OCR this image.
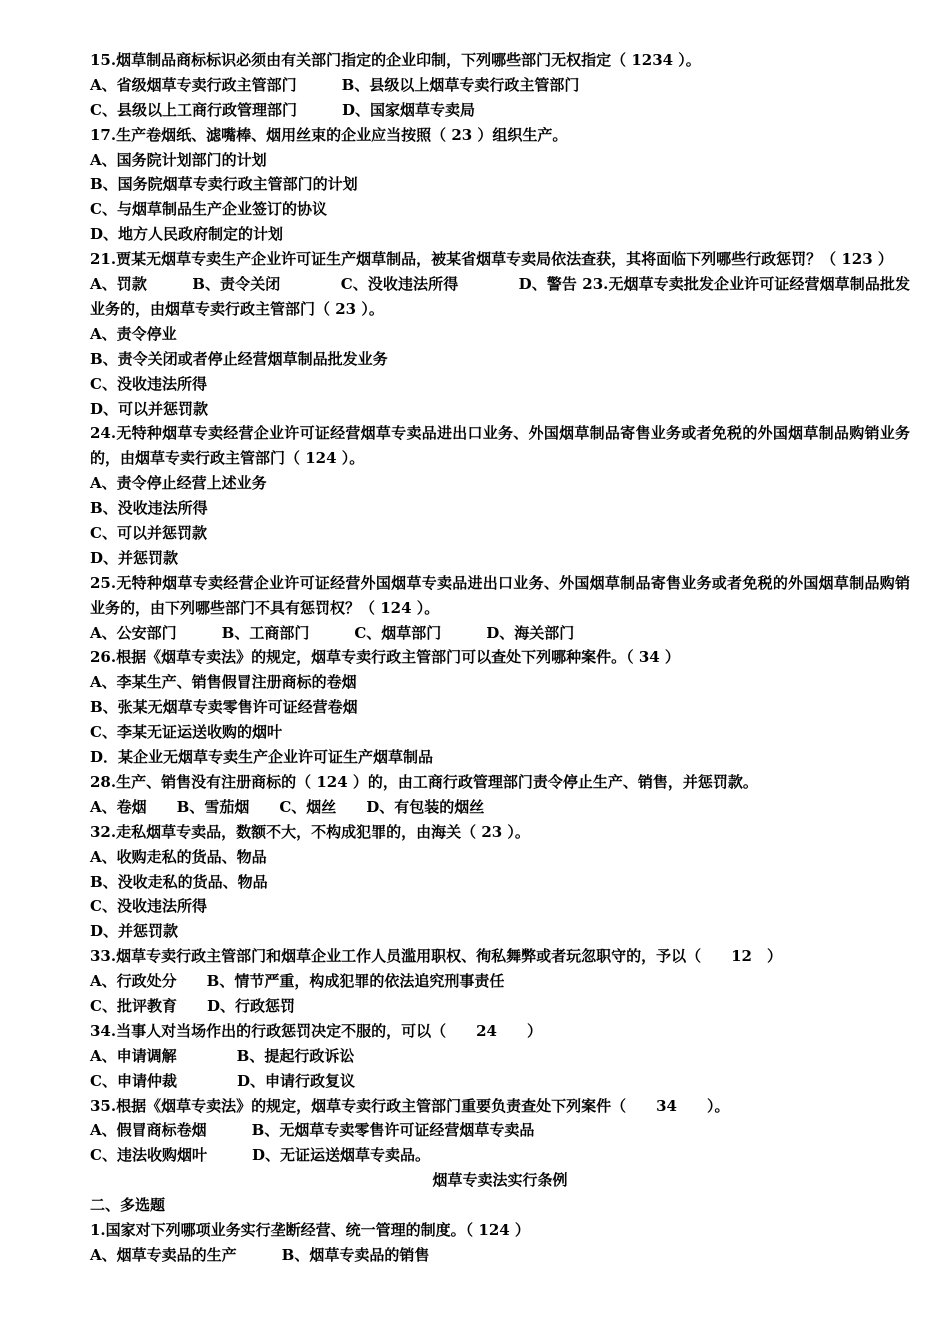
15.烟草制品商标标识必须由有关部门指定的企业印制，下列哪些部门无权指定（ 1234 ）。
A、省级烟草专卖行政主管部门　　　B、县级以上烟草专卖行政主管部门
C、县级以上工商行政管理部门　　　D、国家烟草专卖局
17.生产卷烟纸、滤嘴棒、烟用丝束的企业应当按照（ 23 ）组织生产。
A、国务院计划部门的计划
B、国务院烟草专卖行政主管部门的计划
C、与烟草制品生产企业签订的协议
D、地方人民政府制定的计划
21.贾某无烟草专卖生产企业许可证生产烟草制品，被某省烟草专卖局依法查获，其将面临下列哪些行政惩罚？（ 123 ）
A、罚款　　　B、责令关闭　　　　C、没收违法所得　　　　D、警告 23.无烟草专卖批发企业许可证经营烟草制品批发业务的，由烟草专卖行政主管部门（ 23 ）。
A、责令停业
B、责令关闭或者停止经营烟草制品批发业务
C、没收违法所得
D、可以并惩罚款
24.无特种烟草专卖经营企业许可证经营烟草专卖品进出口业务、外国烟草制品寄售业务或者免税的外国烟草制品购销业务的，由烟草专卖行政主管部门（ 124 ）。
A、责令停止经营上述业务
B、没收违法所得
C、可以并惩罚款
D、并惩罚款
25.无特种烟草专卖经营企业许可证经营外国烟草专卖品进出口业务、外国烟草制品寄售业务或者免税的外国烟草制品购销业务的，由下列哪些部门不具有惩罚权？（ 124 ）。
A、公安部门　　　B、工商部门　　　C、烟草部门　　　D、海关部门
26.根据《烟草专卖法》的规定，烟草专卖行政主管部门可以查处下列哪种案件。（ 34 ）
A、李某生产、销售假冒注册商标的卷烟
B、张某无烟草专卖零售许可证经营卷烟
C、李某无证运送收购的烟叶
D．某企业无烟草专卖生产企业许可证生产烟草制品
28.生产、销售没有注册商标的（ 124 ）的，由工商行政管理部门责令停止生产、销售，并惩罚款。
A、卷烟　　B、雪茄烟　　C、烟丝　　D、有包装的烟丝
32.走私烟草专卖品，数额不大，不构成犯罪的，由海关（ 23 ）。
A、收购走私的货品、物品
B、没收走私的货品、物品
C、没收违法所得
D、并惩罚款
33.烟草专卖行政主管部门和烟草企业工作人员滥用职权、徇私舞弊或者玩忽职守的，予以（　　12　）
A、行政处分　　B、情节严重，构成犯罪的依法追究刑事责任
C、批评教育　　D、行政惩罚
34.当事人对当场作出的行政惩罚决定不服的，可以（　　24　　）
A、申请调解　　　　B、提起行政诉讼
C、申请仲裁　　　　D、申请行政复议
35.根据《烟草专卖法》的规定，烟草专卖行政主管部门重要负责查处下列案件（　　34　　）。
A、假冒商标卷烟　　　B、无烟草专卖零售许可证经营烟草专卖品
C、违法收购烟叶　　　D、无证运送烟草专卖品。
烟草专卖法实行条例
二、多选题
1.国家对下列哪项业务实行垄断经营、统一管理的制度。（ 124 ）
A、烟草专卖品的生产　　　B、烟草专卖品的销售
